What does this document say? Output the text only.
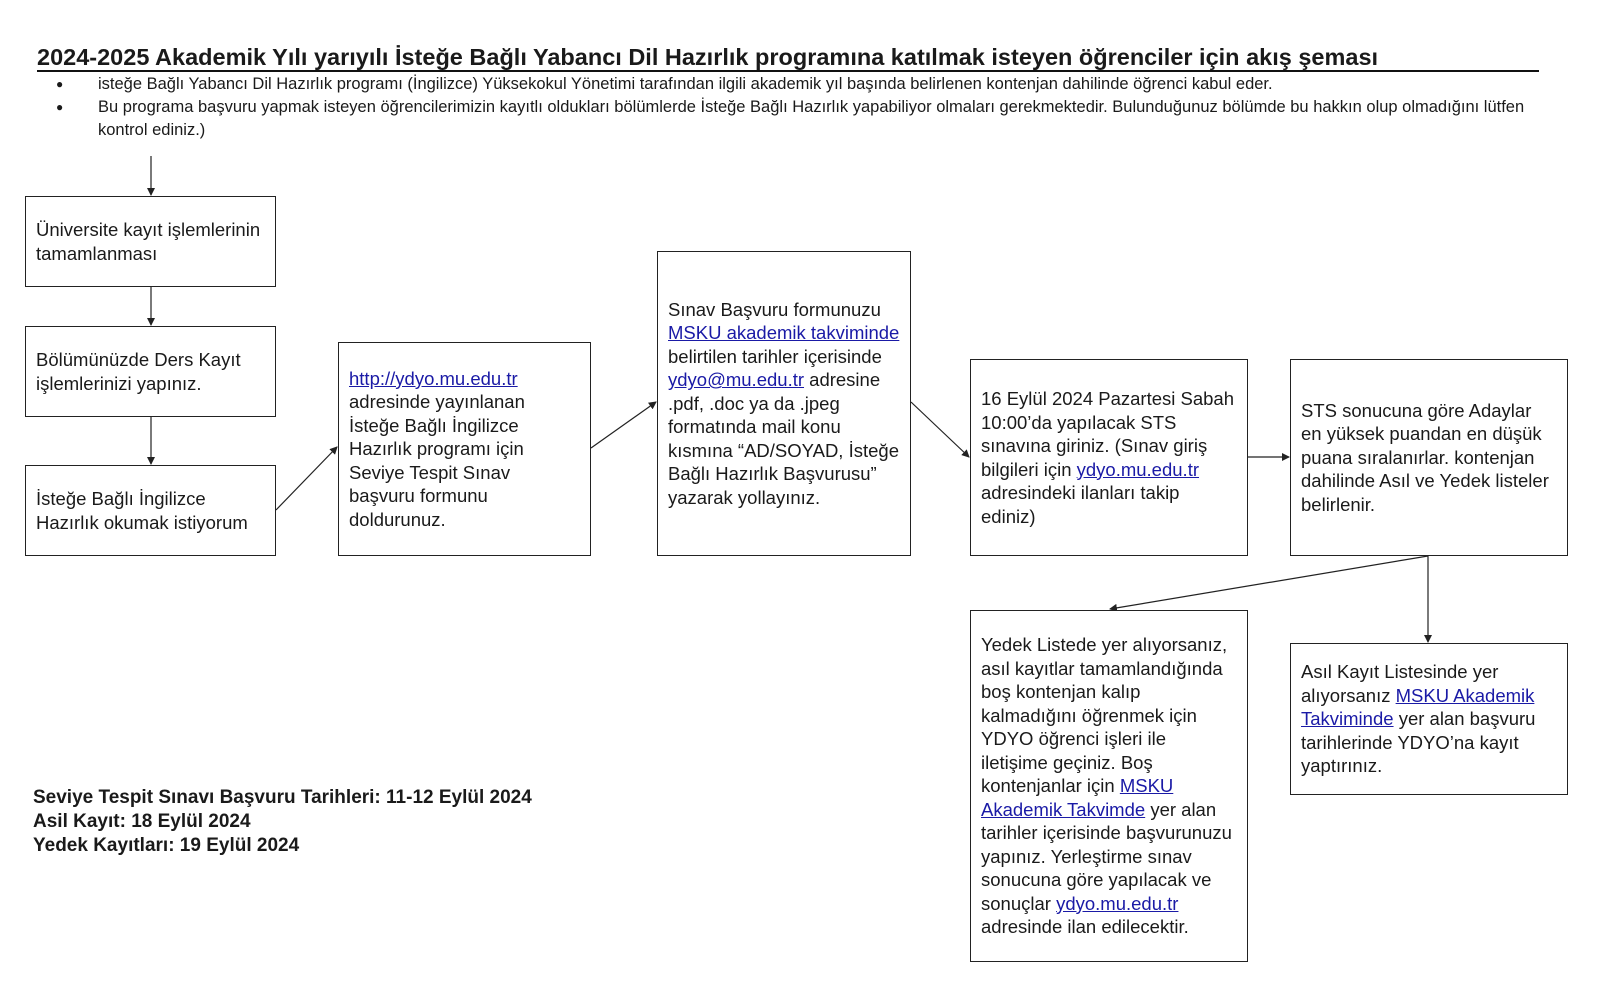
2024-2025 Akademik Yılı yarıyılı İsteğe Bağlı Yabancı Dil Hazırlık programına katılmak isteyen öğrenciler için akış şeması
● isteğe Bağlı Yabancı Dil Hazırlık programı (İngilizce) Yüksekokul Yönetimi tarafından ilgili akademik yıl başında belirlenen kontenjan dahilinde öğrenci kabul eder.
● Bu programa başvuru yapmak isteyen öğrencilerimizin kayıtlı oldukları bölümlerde İsteğe Bağlı Hazırlık yapabiliyor olmaları gerekmektedir. Bulunduğunuz bölümde bu hakkın olup olmadığını lütfen kontrol ediniz.)
Üniversite kayıt işlemlerinin tamamlanması
Bölümünüzde Ders Kayıt işlemlerinizi yapınız.
İsteğe Bağlı İngilizce Hazırlık okumak istiyorum
http://ydyo.mu.edu.tr adresinde yayınlanan İsteğe Bağlı İngilizce Hazırlık programı için Seviye Tespit Sınav başvuru formunu doldurunuz.
Sınav Başvuru formunuzu MSKU akademik takviminde belirtilen tarihler içerisinde ydyo@mu.edu.tr adresine .pdf, .doc ya da .jpeg formatında mail konu kısmına “AD/SOYAD, İsteğe Bağlı Hazırlık Başvurusu” yazarak yollayınız.
16 Eylül 2024 Pazartesi Sabah 10:00’da yapılacak STS sınavına giriniz. (Sınav giriş bilgileri için ydyo.mu.edu.tr adresindeki ilanları takip ediniz)
STS sonucuna göre Adaylar en yüksek puandan en düşük puana sıralanırlar. kontenjan dahilinde Asıl ve Yedek listeler belirlenir.
Yedek Listede yer alıyorsanız, asıl kayıtlar tamamlandığında boş kontenjan kalıp kalmadığını öğrenmek için YDYO öğrenci işleri ile iletişime geçiniz. Boş kontenjanlar için MSKU Akademik Takvimde yer alan tarihler içerisinde başvurunuzu yapınız. Yerleştirme sınav sonucuna göre yapılacak ve sonuçlar ydyo.mu.edu.tr adresinde ilan edilecektir.
Asıl Kayıt Listesinde yer alıyorsanız MSKU Akademik Takviminde yer alan başvuru tarihlerinde YDYO’na kayıt yaptırınız.
Seviye Tespit Sınavı Başvuru Tarihleri: 11-12 Eylül 2024
Asil Kayıt: 18 Eylül 2024
Yedek Kayıtları: 19 Eylül 2024
